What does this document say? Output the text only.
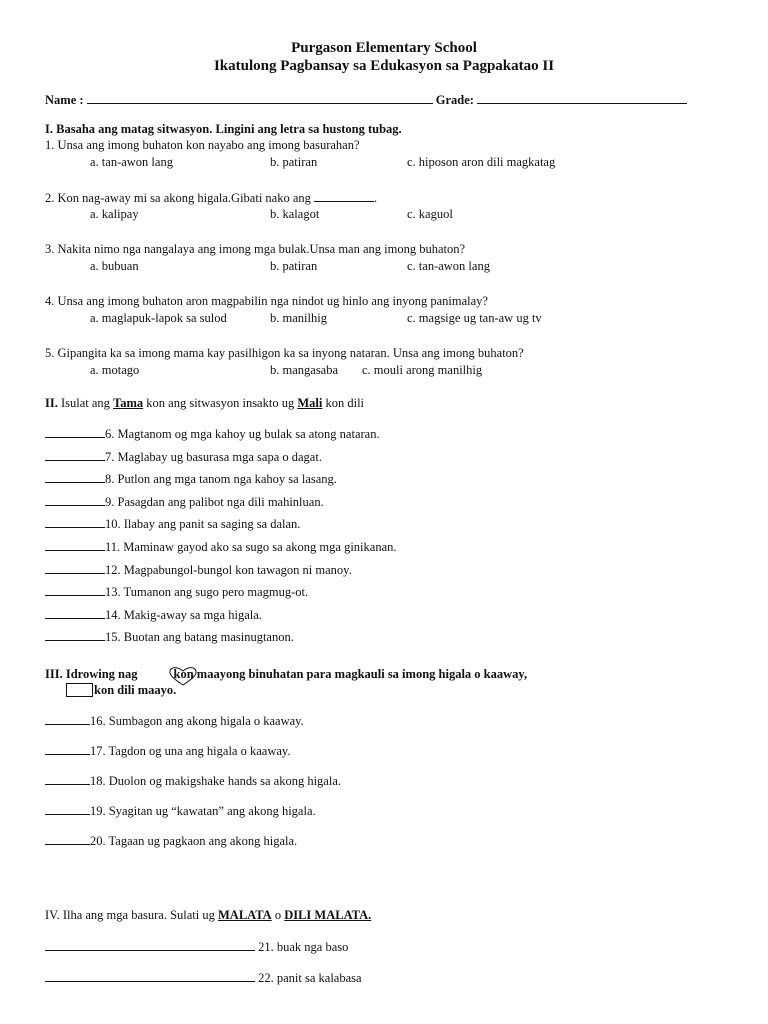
Purgason Elementary School
Ikatulong Pagbansay sa Edukasyon sa Pagpakatao II
Name :	Grade:
I. Basaha ang matag sitwasyon. Lingini ang letra sa hustong tubag.
1. Unsa ang imong buhaton kon nayabo ang imong basurahan?
a. tan-awon lang	b. patiran	c. hiposon aron dili magkatag
2. Kon nag-away mi sa akong higala.Gibati nako ang	.
a. kalipay	b. kalagot	c. kaguol
3. Nakita nimo nga nangalaya ang imong mga bulak.Unsa man ang imong buhaton?
a. bubuan	b. patiran	c. tan-awon lang
4. Unsa ang imong buhaton aron magpabilin nga nindot ug hinlo ang inyong panimalay?
a. maglapuk-lapok sa sulod	b. manilhig	c. magsige ug tan-aw ug tv
5. Gipangita ka sa imong mama kay pasilhigon ka sa inyong nataran. Unsa ang imong buhaton?
a. motago	b. mangasaba c. mouli arong manilhig
II. Isulat ang Tama kon ang sitwasyon insakto ug Mali kon dili
6. Magtanom og mga kahoy ug bulak sa atong nataran.
7. Maglabay ug basurasa mga sapa o dagat.
8. Putlon ang mga tanom nga kahoy sa lasang.
9. Pasagdan ang palibot nga dili mahinluan.
10. Ilabay ang panit sa saging sa dalan.
11. Maminaw gayod ako sa sugo sa akong mga ginikanan.
12. Magpabungol-bungol kon tawagon ni manoy.
13. Tumanon ang sugo pero magmug-ot.
14. Makig-away sa mga higala.
15. Buotan ang batang masinugtanon.
III. Idrowing nag	kon maayong binuhatan para magkauli sa imong higala o kaaway,
kon dili maayo.
16. Sumbagon ang akong higala o kaaway.
17. Tagdon og una ang higala o kaaway.
18. Duolon og makigshake hands sa akong higala.
19. Syagitan ug “kawatan” ang akong higala.
20. Tagaan ug pagkaon ang akong higala.
IV. Ilha ang mga basura. Sulati ug MALATA o DILI MALATA.
21. buak nga baso
22. panit sa kalabasa
